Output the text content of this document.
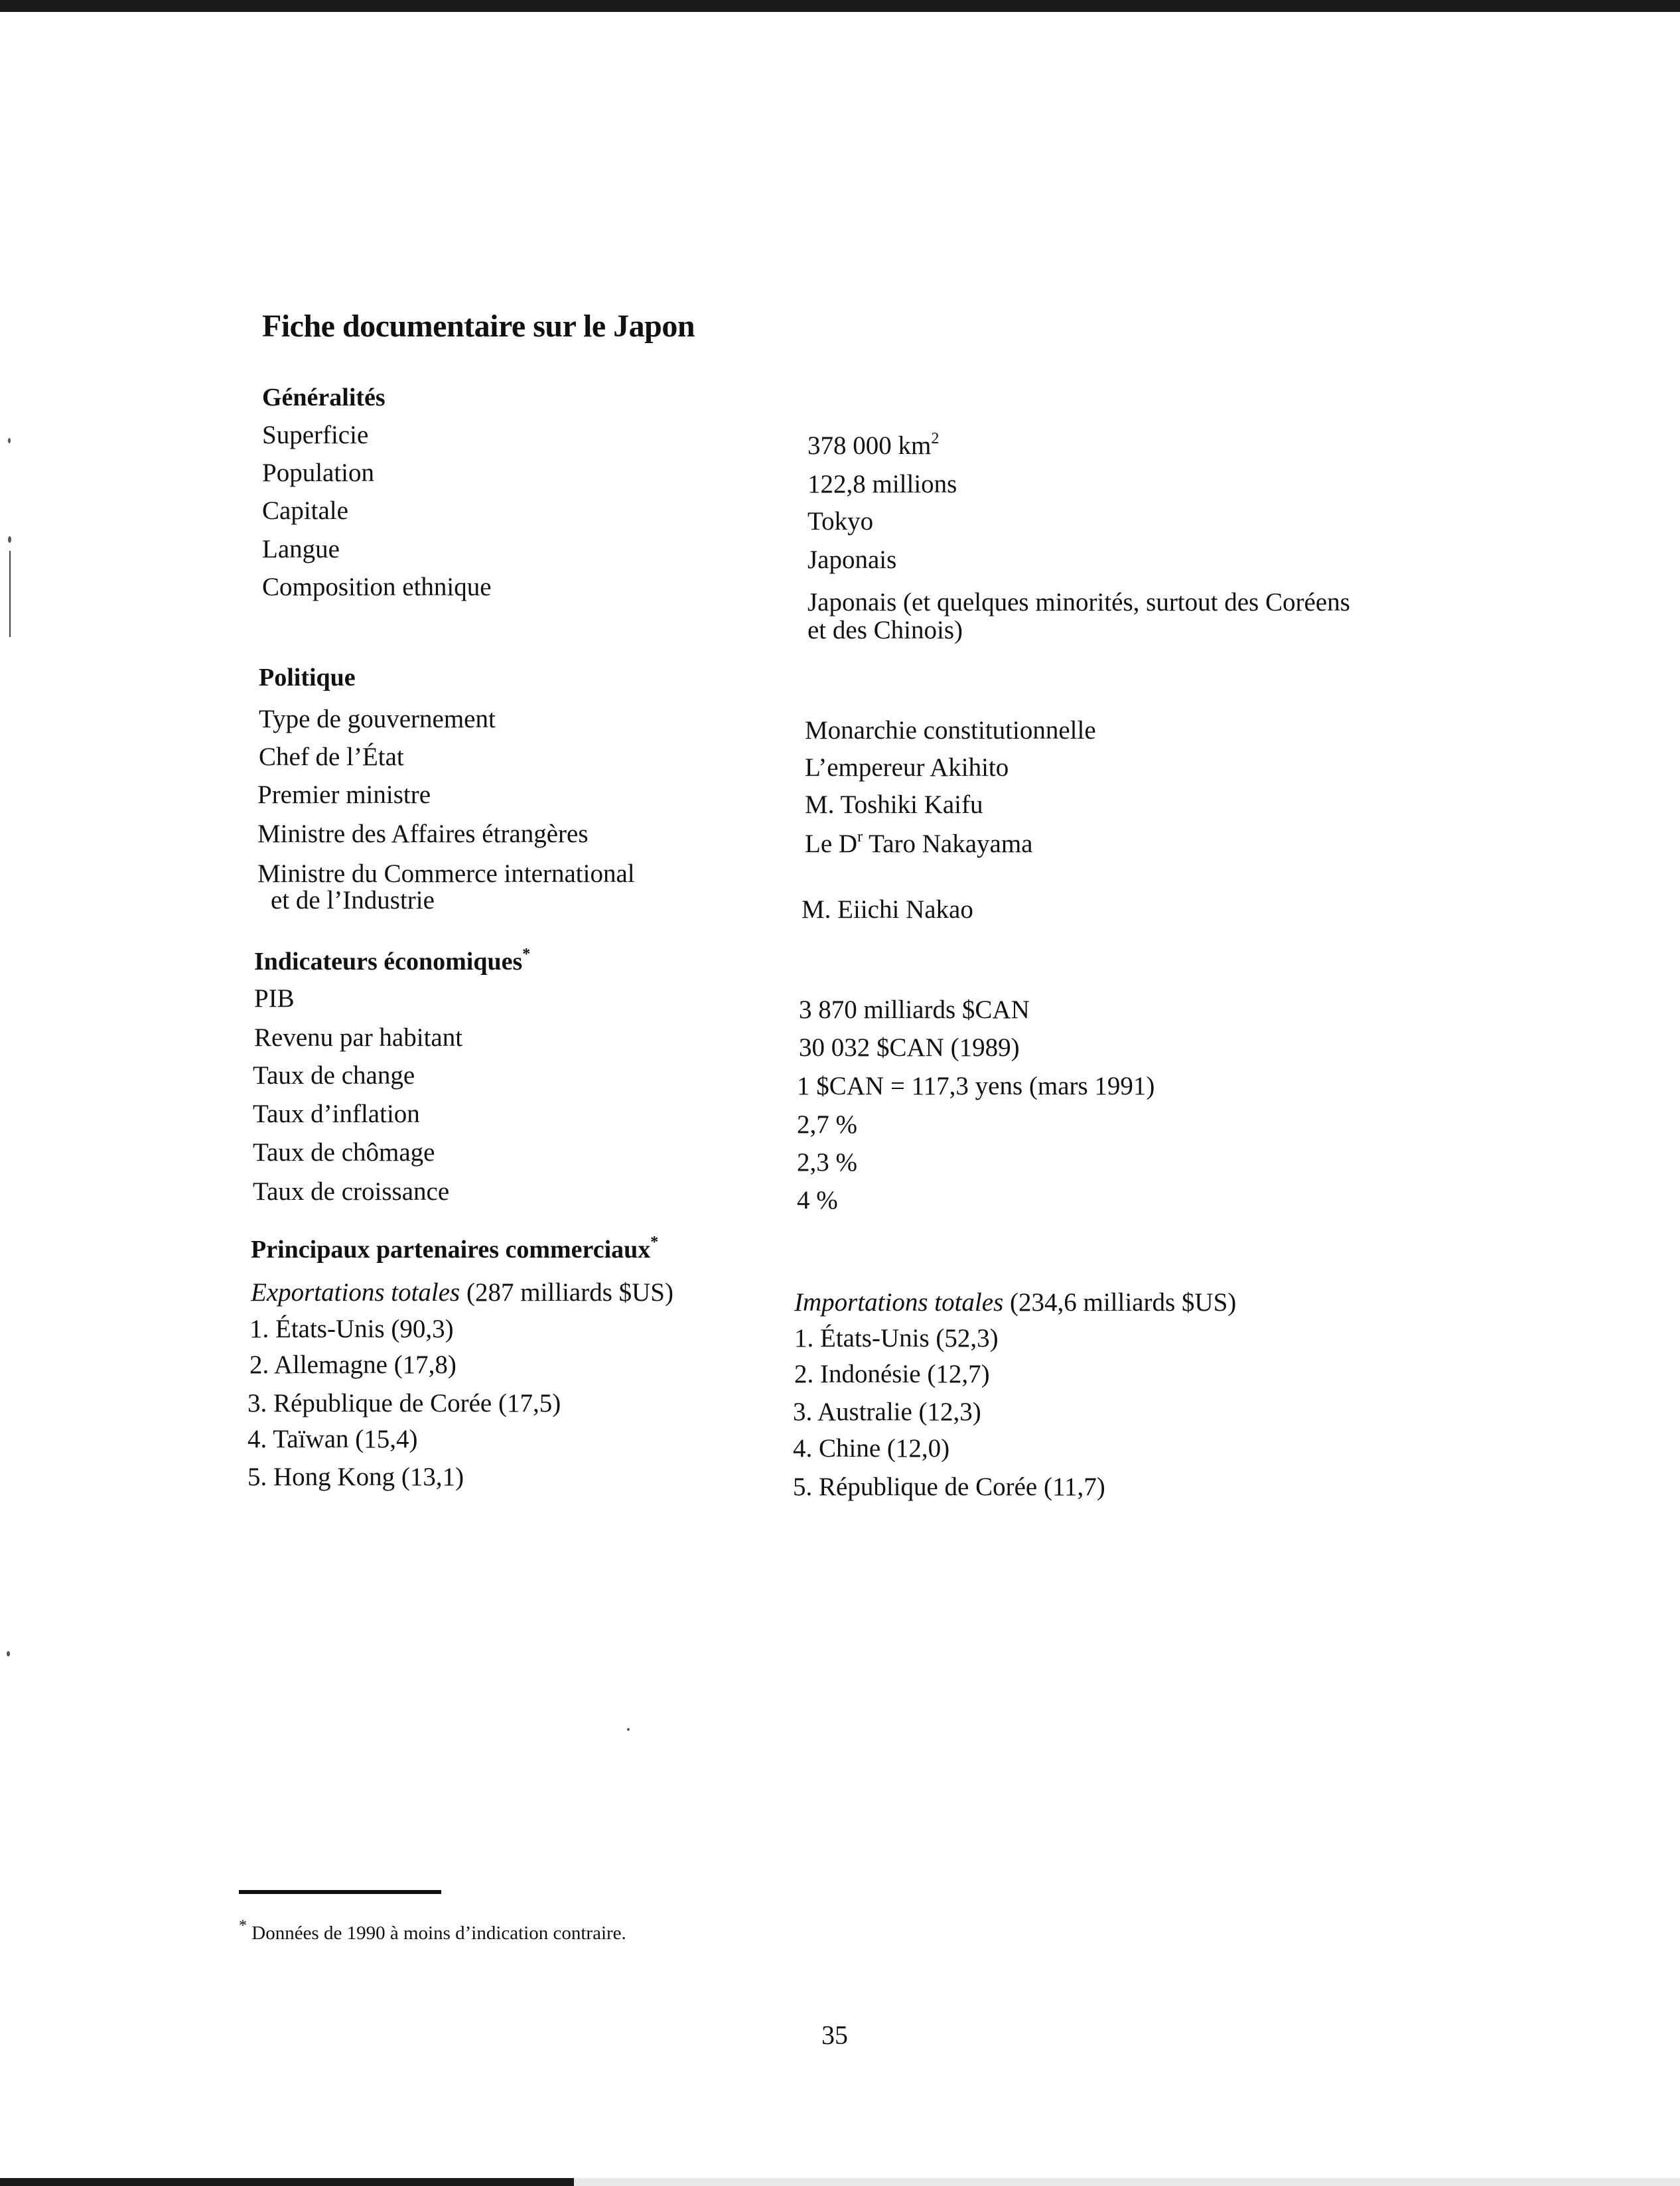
Fiche documentaire sur le Japon
Généralités
Superficie
Population
Capitale
Langue
Composition ethnique
378 000 $km^2$
122,8 millions
Tokyo
Japonais
Japonais (et quelques minorités, surtout des Coréens
et des Chinois)
Politique
Type de gouvernement
Chef de l’État
Premier ministre
Ministre des Affaires étrangères
Ministre du Commerce international
et de l’Industrie
Monarchie constitutionnelle
L’empereur Akihito
M. Toshiki Kaifu
Le $D^r$ Taro Nakayama
M. Eiichi Nakao
Indicateurs économiques*
PIB
Revenu par habitant
Taux de change
Taux d’inflation
Taux de chômage
Taux de croissance
3 870 milliards $CAN
30 032 $CAN (1989)
1 $CAN = 117,3 yens (mars 1991)
2,7 %
2,3 %
4 %
Principaux partenaires commerciaux*
Exportations totales (287 milliards $US)
1. États-Unis (90,3)
2. Allemagne (17,8)
3. République de Corée (17,5)
4. Taïwan (15,4)
5. Hong Kong (13,1)
Importations totales (234,6 milliards $US)
1. États-Unis (52,3)
2. Indonésie (12,7)
3. Australie (12,3)
4. Chine (12,0)
5. République de Corée (11,7)
* Données de 1990 à moins d’indication contraire.
35
